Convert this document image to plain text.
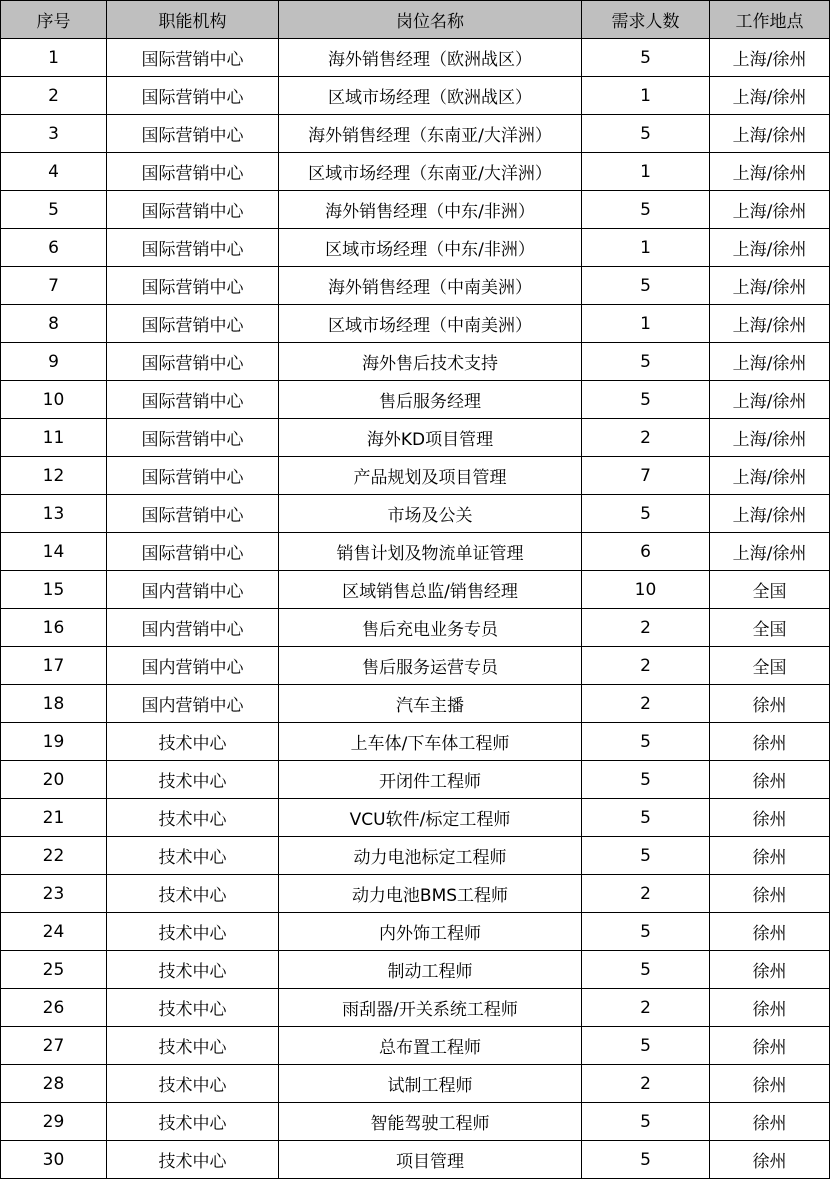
序号	职能机构	岗位名称	需求人数	工作地点
1	国际营销中心	海外销售经理（欧洲战区）	5	上海/徐州
2	国际营销中心	区域市场经理（欧洲战区）	1	上海/徐州
3	国际营销中心	海外销售经理（东南亚/大洋洲）	5	上海/徐州
4	国际营销中心	区域市场经理（东南亚/大洋洲）	1	上海/徐州
5	国际营销中心	海外销售经理（中东/非洲）	5	上海/徐州
6	国际营销中心	区域市场经理（中东/非洲）	1	上海/徐州
7	国际营销中心	海外销售经理（中南美洲）	5	上海/徐州
8	国际营销中心	区域市场经理（中南美洲）	1	上海/徐州
9	国际营销中心	海外售后技术支持	5	上海/徐州
10	国际营销中心	售后服务经理	5	上海/徐州
11	国际营销中心	海外KD项目管理	2	上海/徐州
12	国际营销中心	产品规划及项目管理	7	上海/徐州
13	国际营销中心	市场及公关	5	上海/徐州
14	国际营销中心	销售计划及物流单证管理	6	上海/徐州
15	国内营销中心	区域销售总监/销售经理	10	全国
16	国内营销中心	售后充电业务专员	2	全国
17	国内营销中心	售后服务运营专员	2	全国
18	国内营销中心	汽车主播	2	徐州
19	技术中心	上车体/下车体工程师	5	徐州
20	技术中心	开闭件工程师	5	徐州
21	技术中心	VCU软件/标定工程师	5	徐州
22	技术中心	动力电池标定工程师	5	徐州
23	技术中心	动力电池BMS工程师	2	徐州
24	技术中心	内外饰工程师	5	徐州
25	技术中心	制动工程师	5	徐州
26	技术中心	雨刮器/开关系统工程师	2	徐州
27	技术中心	总布置工程师	5	徐州
28	技术中心	试制工程师	2	徐州
29	技术中心	智能驾驶工程师	5	徐州
30	技术中心	项目管理	5	徐州
